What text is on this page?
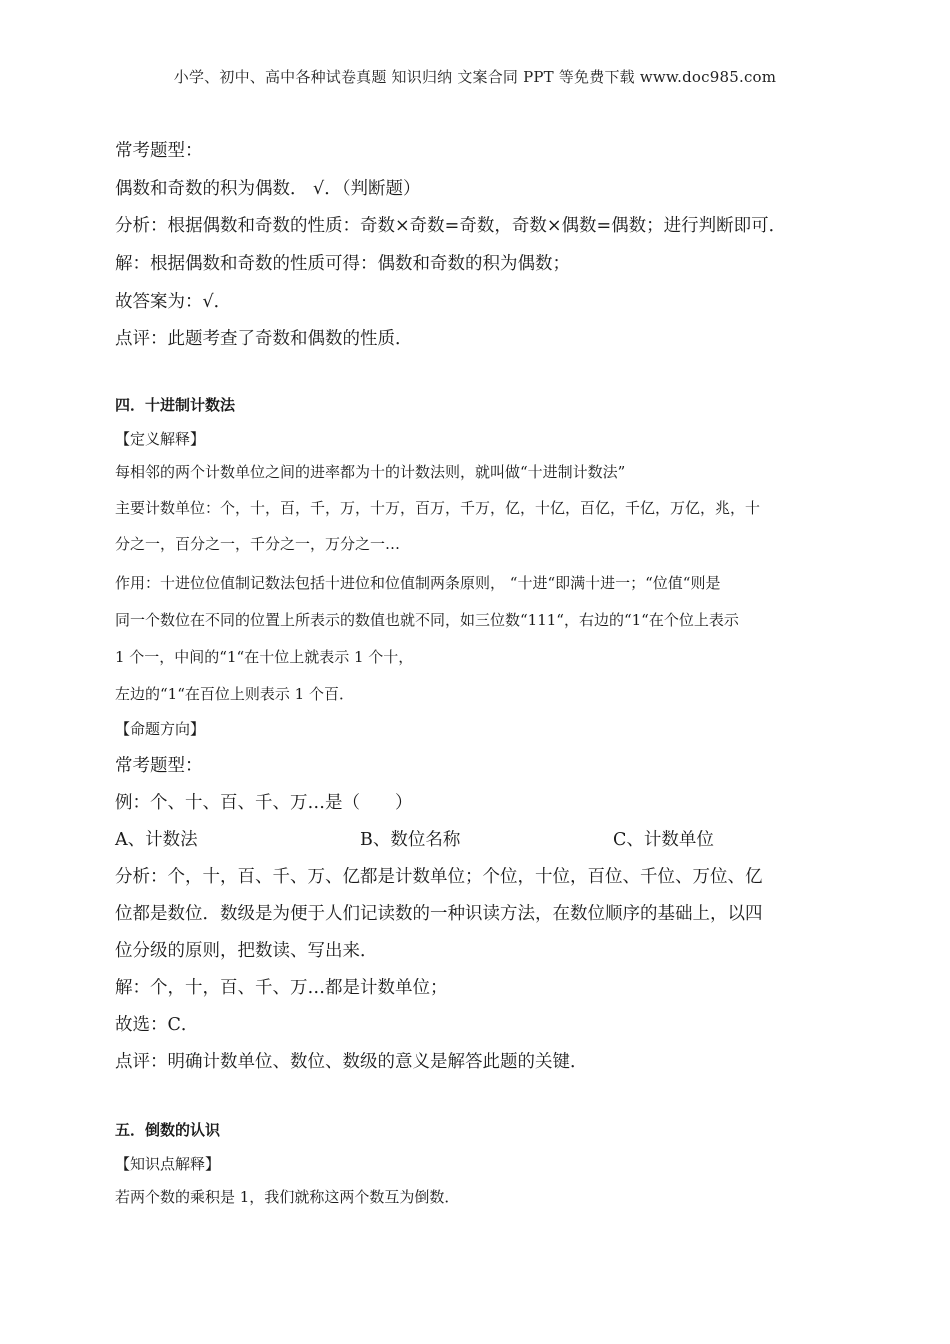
小学、初中、高中各种试卷真题 知识归纳 文案合同 PPT 等免费下载 www.doc985.com
常考题型：
偶数和奇数的积为偶数． √．（判断题）
分析：根据偶数和奇数的性质：奇数×奇数=奇数，奇数×偶数=偶数；进行判断即可．
解：根据偶数和奇数的性质可得：偶数和奇数的积为偶数；
故答案为：√．
点评：此题考查了奇数和偶数的性质．
四．十进制计数法
【定义解释】
每相邻的两个计数单位之间的进率都为十的计数法则，就叫做“十进制计数法”
主要计数单位：个，十，百，千，万，十万，百万，千万，亿，十亿，百亿，千亿，万亿，兆，十
分之一，百分之一，千分之一，万分之一…
作用：十进位位值制记数法包括十进位和位值制两条原则， “十进“即满十进一；“位值“则是
同一个数位在不同的位置上所表示的数值也就不同，如三位数“111“，右边的“1“在个位上表示
1 个一，中间的“1“在十位上就表示 1 个十，
左边的“1“在百位上则表示 1 个百．
【命题方向】
常考题型：
例：个、十、百、千、万…是（　　）
A、计数法	B、数位名称	C、计数单位
分析：个，十，百、千、万、亿都是计数单位；个位，十位，百位、千位、万位、亿
位都是数位．数级是为便于人们记读数的一种识读方法，在数位顺序的基础上，以四
位分级的原则，把数读、写出来．
解：个，十，百、千、万…都是计数单位；
故选：C．
点评：明确计数单位、数位、数级的意义是解答此题的关键．
五．倒数的认识
【知识点解释】
若两个数的乘积是 1，我们就称这两个数互为倒数．
